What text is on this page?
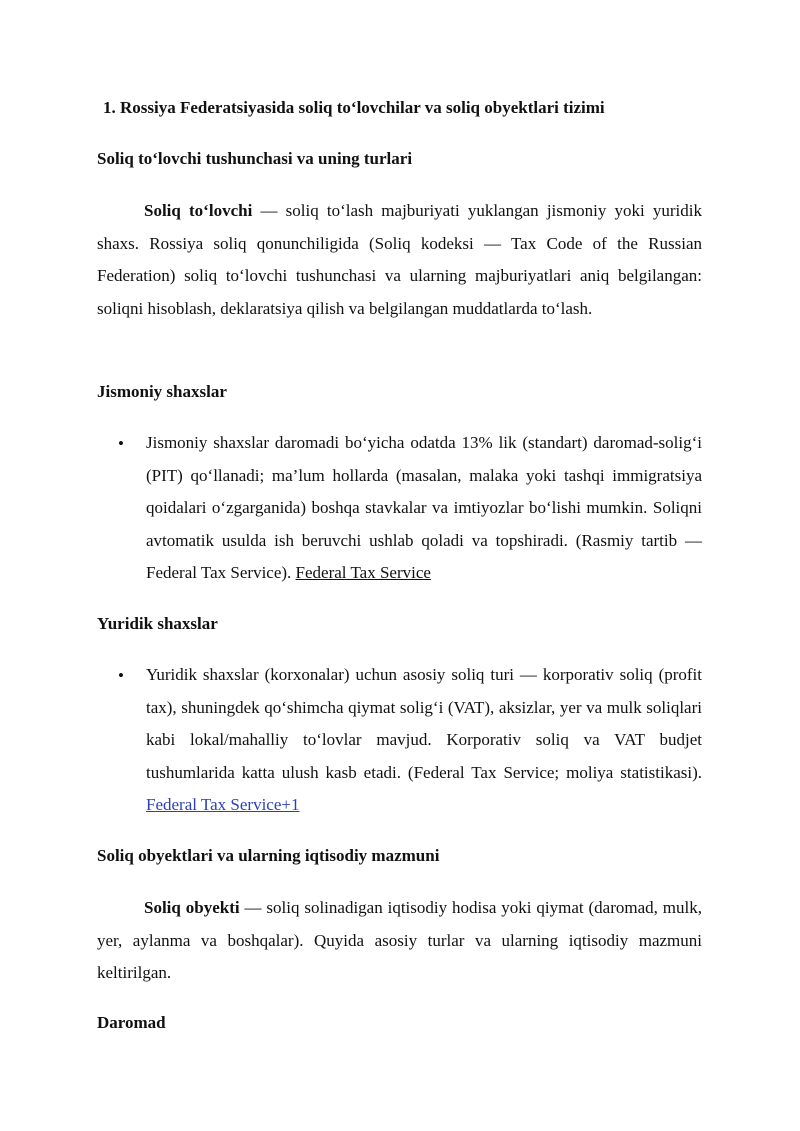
1. Rossiya Federatsiyasida soliq to‘lovchilar va soliq obyektlari tizimi
Soliq to‘lovchi tushunchasi va uning turlari
Soliq to‘lovchi — soliq to‘lash majburiyati yuklangan jismoniy yoki yuridik shaxs. Rossiya soliq qonunchiligida (Soliq kodeksi — Tax Code of the Russian Federation) soliq to‘lovchi tushunchasi va ularning majburiyatlari aniq belgilangan: soliqni hisoblash, deklaratsiya qilish va belgilangan muddatlarda to‘lash.
Jismoniy shaxslar
• Jismoniy shaxslar daromadi bo‘yicha odatda 13% lik (standart) daromad-solig‘i (PIT) qo‘llanadi; ma’lum hollarda (masalan, malaka yoki tashqi immigratsiya qoidalari o‘zgarganida) boshqa stavkalar va imtiyozlar bo‘lishi mumkin. Soliqni avtomatik usulda ish beruvchi ushlab qoladi va topshiradi. (Rasmiy tartib — Federal Tax Service). Federal Tax Service
Yuridik shaxslar
• Yuridik shaxslar (korxonalar) uchun asosiy soliq turi — korporativ soliq (profit tax), shuningdek qo‘shimcha qiymat solig‘i (VAT), aksizlar, yer va mulk soliqlari kabi lokal/mahalliy to‘lovlar mavjud. Korporativ soliq va VAT budjet tushumlarida katta ulush kasb etadi. (Federal Tax Service; moliya statistikasi). Federal Tax Service+1
Soliq obyektlari va ularning iqtisodiy mazmuni
Soliq obyekti — soliq solinadigan iqtisodiy hodisa yoki qiymat (daromad, mulk, yer, aylanma va boshqalar). Quyida asosiy turlar va ularning iqtisodiy mazmuni keltirilgan.
Daromad
